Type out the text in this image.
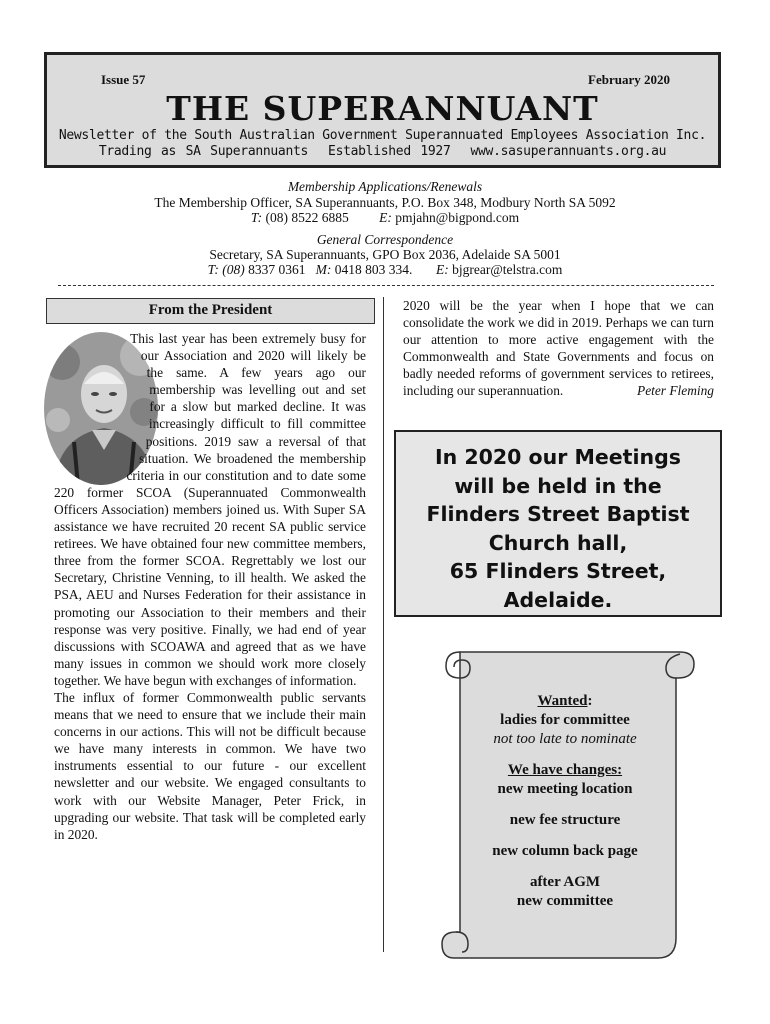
Issue 57	February 2020
THE SUPERANNUANT
Newsletter of the South Australian Government Superannuated Employees Association Inc.
Trading as SA Superannuants Established 1927 www.sasuperannuants.org.au
Membership Applications/Renewals
The Membership Officer, SA Superannuants, P.O. Box 348, Modbury North SA 5092
T: (08) 8522 6885 E: pmjahn@bigpond.com
General Correspondence
Secretary, SA Superannuants, GPO Box 2036, Adelaide SA 5001
T: (08) 8337 0361 M: 0418 803 334. E: bjgrear@telstra.com
From the President

This last year has been extremely busy for our Association and 2020 will likely be the same. A few years ago our membership was levelling out and set for a slow but marked decline. It was increasingly difficult to fill committee positions. 2019 saw a reversal of that situation. We broadened the membership criteria in our constitution and to date some 220 former SCOA (Superannuated Commonwealth Officers Association) members joined us. With Super SA assistance we have recruited 20 recent SA public service retirees. We have obtained four new committee members, three from the former SCOA. Regrettably we lost our Secretary, Christine Venning, to ill health. We asked the PSA, AEU and Nurses Federation for their assistance in promoting our Association to their members and their response was very positive. Finally, we had end of year discussions with SCOAWA and agreed that as we have many issues in common we should work more closely together. We have begun with exchanges of information.

The influx of former Commonwealth public servants means that we need to ensure that we include their main concerns in our actions. This will not be difficult because we have many interests in common. We have two instruments essential to our future - our excellent newsletter and our website. We engaged consultants to work with our Website Manager, Peter Frick, in upgrading our website. That task will be completed early in 2020.

2020 will be the year when I hope that we can consolidate the work we did in 2019. Perhaps we can turn our attention to more active engagement with the Commonwealth and State Governments and focus on badly needed reforms of government services to retirees, including our superannuation.	Peter Fleming

In 2020 our Meetings
will be held in the
Flinders Street Baptist
Church hall,
65 Flinders Street,
Adelaide.
Wanted:
ladies for committee
not too late to nominate
We have changes:
new meeting location
new fee structure
new column back page
after AGM
new committee
